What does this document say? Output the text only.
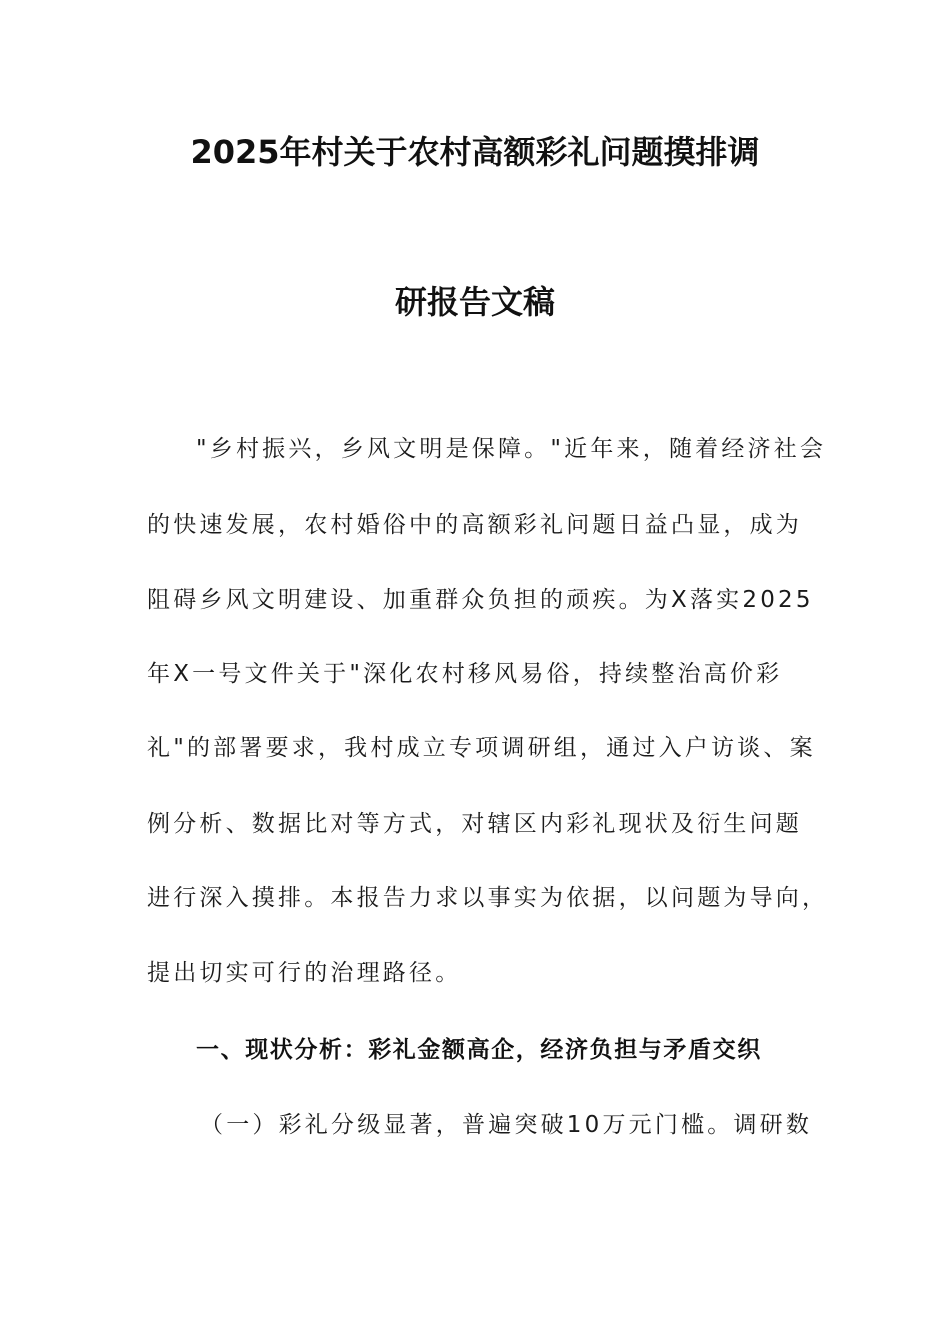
2025年村关于农村高额彩礼问题摸排调
研报告文稿
"乡村振兴，乡风文明是保障。"近年来，随着经济社会
的快速发展，农村婚俗中的高额彩礼问题日益凸显，成为
阻碍乡风文明建设、加重群众负担的顽疾。为X落实2025
年X一号文件关于"深化农村移风易俗，持续整治高价彩
礼"的部署要求，我村成立专项调研组，通过入户访谈、案
例分析、数据比对等方式，对辖区内彩礼现状及衍生问题
进行深入摸排。本报告力求以事实为依据，以问题为导向，
提出切实可行的治理路径。
一、现状分析：彩礼金额高企，经济负担与矛盾交织
（一）彩礼分级显著，普遍突破10万元门槛。调研数
